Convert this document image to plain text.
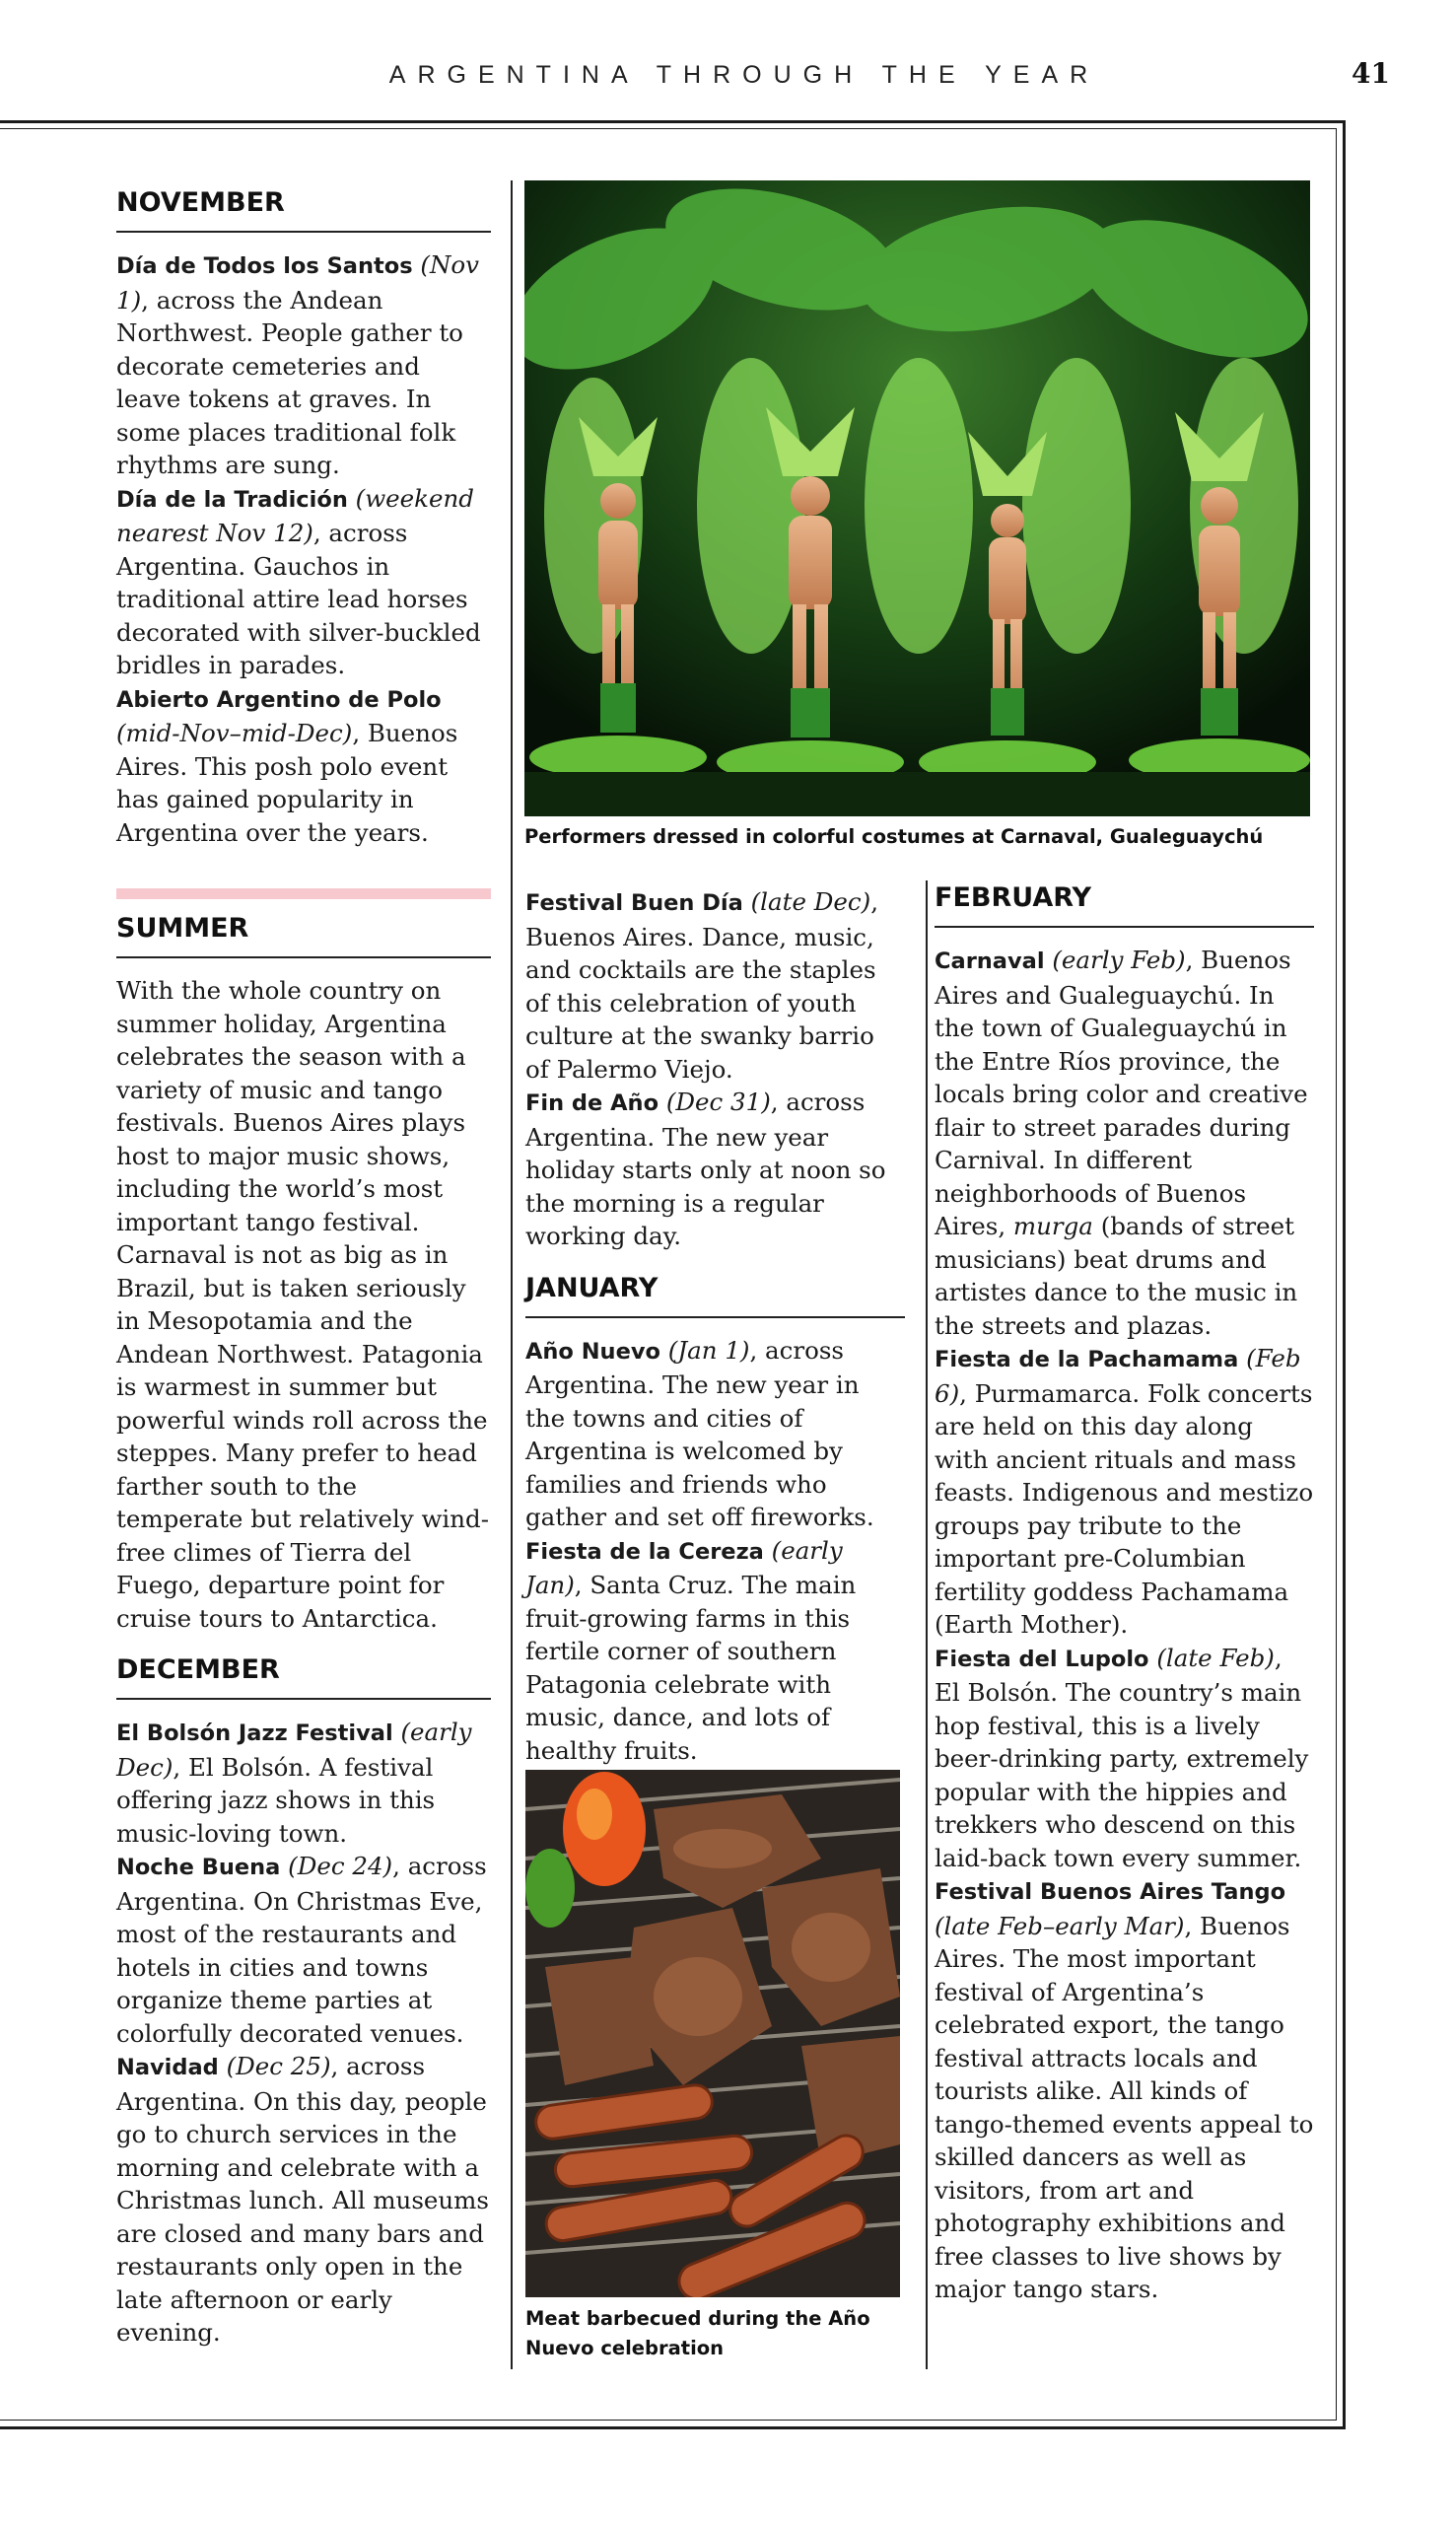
ARGENTINA THROUGH THE YEAR	41
NOVEMBER

Día de Todos los Santos (Nov 1), across the Andean Northwest. People gather to decorate cemeteries and leave tokens at graves. In some places traditional folk rhythms are sung.

Día de la Tradición (weekend nearest Nov 12), across Argentina. Gauchos in traditional attire lead horses decorated with silver-buckled bridles in parades.

Abierto Argentino de Polo (mid-Nov–mid-Dec), Buenos Aires. This posh polo event has gained popularity in Argentina over the years.

SUMMER

With the whole country on summer holiday, Argentina celebrates the season with a variety of music and tango festivals. Buenos Aires plays host to major music shows, including the world’s most important tango festival. Carnaval is not as big as in Brazil, but is taken seriously in Mesopotamia and the Andean Northwest. Patagonia is warmest in summer but powerful winds roll across the steppes. Many prefer to head farther south to the temperate but relatively wind-free climes of Tierra del Fuego, departure point for cruise tours to Antarctica.

DECEMBER

El Bolsón Jazz Festival (early Dec), El Bolsón. A festival offering jazz shows in this music-loving town.

Noche Buena (Dec 24), across Argentina. On Christmas Eve, most of the restaurants and hotels in cities and towns organize theme parties at colorfully decorated venues.

Navidad (Dec 25), across Argentina. On this day, people go to church services in the morning and celebrate with a Christmas lunch. All museums are closed and many bars and restaurants only open in the late afternoon or early evening.

Performers dressed in colorful costumes at Carnaval, Gualeguaychú

Festival Buen Día (late Dec), Buenos Aires. Dance, music, and cocktails are the staples of this celebration of youth culture at the swanky barrio of Palermo Viejo.

Fin de Año (Dec 31), across Argentina. The new year holiday starts only at noon so the morning is a regular working day.

JANUARY

Año Nuevo (Jan 1), across Argentina. The new year in the towns and cities of Argentina is welcomed by families and friends who gather and set off fireworks.

Fiesta de la Cereza (early Jan), Santa Cruz. The main fruit-growing farms in this fertile corner of southern Patagonia celebrate with music, dance, and lots of healthy fruits.

Meat barbecued during the Año Nuevo celebration
FEBRUARY

Carnaval (early Feb), Buenos Aires and Gualeguaychú. In the town of Gualeguaychú in the Entre Ríos province, the locals bring color and creative flair to street parades during Carnival. In different neighborhoods of Buenos Aires, murga (bands of street musicians) beat drums and artistes dance to the music in the streets and plazas.

Fiesta de la Pachamama (Feb 6), Purmamarca. Folk concerts are held on this day along with ancient rituals and mass feasts. Indigenous and mestizo groups pay tribute to the important pre-Columbian fertility goddess Pachamama (Earth Mother).

Fiesta del Lupolo (late Feb), El Bolsón. The country’s main hop festival, this is a lively beer-drinking party, extremely popular with the hippies and trekkers who descend on this laid-back town every summer.

Festival Buenos Aires Tango (late Feb–early Mar), Buenos Aires. The most important festival of Argentina’s celebrated export, the tango festival attracts locals and tourists alike. All kinds of tango-themed events appeal to skilled dancers as well as visitors, from art and photography exhibitions and free classes to live shows by major tango stars.
